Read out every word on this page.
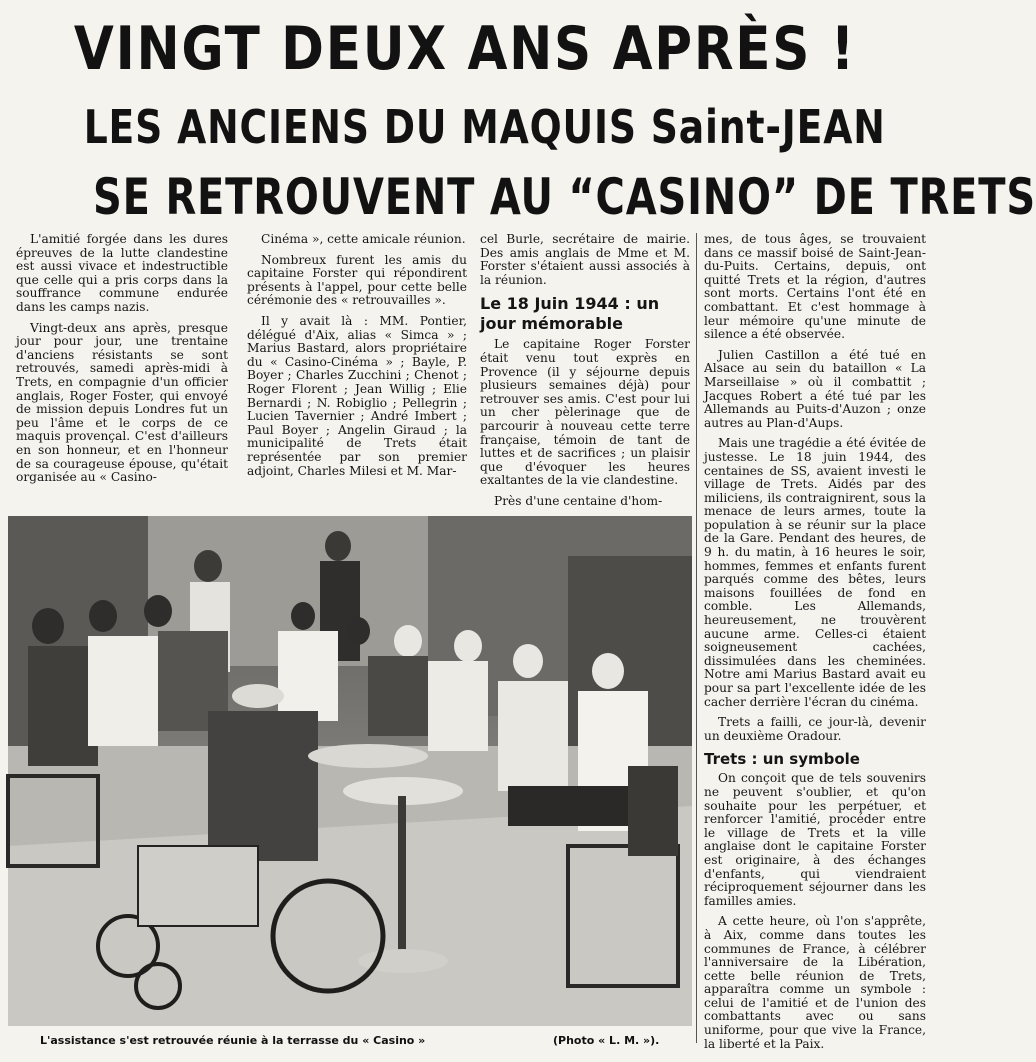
VINGT DEUX ANS APRÈS !
LES ANCIENS DU MAQUIS Saint-JEAN
SE RETROUVENT AU “CASINO” DE TRETS

L'amitié forgée dans les dures épreuves de la lutte clandestine est aussi vivace et indestructible que celle qui a pris corps dans la souffrance commune endurée dans les camps nazis.

Vingt-deux ans après, presque jour pour jour, une trentaine d'anciens résistants se sont retrouvés, samedi après-midi à Trets, en compagnie d'un officier anglais, Roger Foster, qui envoyé de mission depuis Londres fut un peu l'âme et le corps de ce maquis provençal. C'est d'ailleurs en son honneur, et en l'honneur de sa courageuse épouse, qu'était organisée au « Casino-

Cinéma », cette amicale réunion.

Nombreux furent les amis du capitaine Forster qui répondirent présents à l'appel, pour cette belle cérémonie des « retrouvailles ».

Il y avait là : MM. Pontier, délégué d'Aix, alias « Simca » ; Marius Bastard, alors propriétaire du « Casino-Cinéma » ; Bayle, P. Boyer ; Charles Zucchini ; Chenot ; Roger Florent ; Jean Willig ; Elie Bernardi ; N. Robiglio ; Pellegrin ; Lucien Tavernier ; André Imbert ; Paul Boyer ; Angelin Giraud ; la municipalité de Trets était représentée par son premier adjoint, Charles Milesi et M. Mar-

cel Burle, secrétaire de mairie. Des amis anglais de Mme et M. Forster s'étaient aussi associés à la réunion.

Le 18 Juin 1944 : un jour mémorable

Le capitaine Roger Forster était venu tout exprès en Provence (il y séjourne depuis plusieurs semaines déjà) pour retrouver ses amis. C'est pour lui un cher pèlerinage que de parcourir à nouveau cette terre française, témoin de tant de luttes et de sacrifices ; un plaisir que d'évoquer les heures exaltantes de la vie clandestine.

Près d'une centaine d'hom-

mes, de tous âges, se trouvaient dans ce massif boisé de Saint-Jean-du-Puits. Certains, depuis, ont quitté Trets et la région, d'autres sont morts. Certains l'ont été en combattant. Et c'est hommage à leur mémoire qu'une minute de silence a été observée.

Julien Castillon a été tué en Alsace au sein du bataillon « La Marseillaise » où il combattit ; Jacques Robert a été tué par les Allemands au Puits-d'Auzon ; onze autres au Plan-d'Aups.

Mais une tragédie a été évitée de justesse. Le 18 juin 1944, des centaines de SS, avaient investi le village de Trets. Aidés par des miliciens, ils contraignirent, sous la menace de leurs armes, toute la population à se réunir sur la place de la Gare. Pendant des heures, de 9 h. du matin, à 16 heures le soir, hommes, femmes et enfants furent parqués comme des bêtes, leurs maisons fouillées de fond en comble. Les Allemands, heureusement, ne trouvèrent aucune arme. Celles-ci étaient soigneusement cachées, dissimulées dans les cheminées. Notre ami Marius Bastard avait eu pour sa part l'excellente idée de les cacher derrière l'écran du cinéma.

Trets a failli, ce jour-là, devenir un deuxième Oradour.

Trets : un symbole

On conçoit que de tels souvenirs ne peuvent s'oublier, et qu'on souhaite pour les perpétuer, et renforcer l'amitié, procéder entre le village de Trets et la ville anglaise dont le capitaine Forster est originaire, à des échanges d'enfants, qui viendraient réciproquement séjourner dans les familles amies.

A cette heure, où l'on s'apprête, à Aix, comme dans toutes les communes de France, à célébrer l'anniversaire de la Libération, cette belle réunion de Trets, apparaîtra comme un symbole : celui de l'amitié et de l'union des combattants avec ou sans uniforme, pour que vive la France, la liberté et la Paix.

L'assistance s'est retrouvée réunie à la terrasse du « Casino »	(Photo « L. M. »).
